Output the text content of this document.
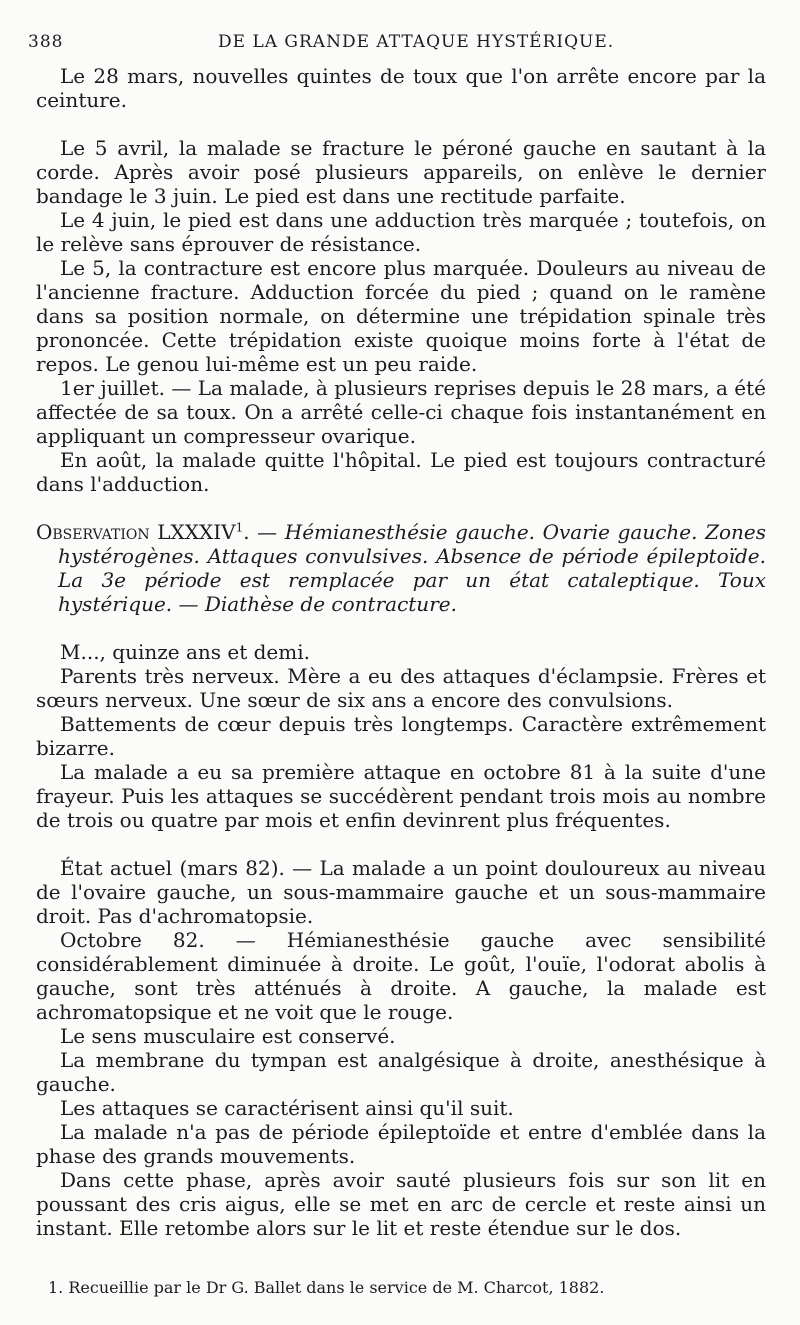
388	DE LA GRANDE ATTAQUE HYSTÉRIQUE.

Le 28 mars, nouvelles quintes de toux que l'on arrête encore par la ceinture.

Le 5 avril, la malade se fracture le péroné gauche en sautant à la corde. Après avoir posé plusieurs appareils, on enlève le dernier bandage le 3 juin. Le pied est dans une rectitude parfaite.

Le 4 juin, le pied est dans une adduction très marquée ; toutefois, on le relève sans éprouver de résistance.

Le 5, la contracture est encore plus marquée. Douleurs au niveau de l'ancienne fracture. Adduction forcée du pied ; quand on le ramène dans sa position normale, on détermine une trépidation spinale très prononcée. Cette trépidation existe quoique moins forte à l'état de repos. Le genou lui-même est un peu raide.

1er juillet. — La malade, à plusieurs reprises depuis le 28 mars, a été affectée de sa toux. On a arrêté celle-ci chaque fois instantanément en appliquant un compresseur ovarique.

En août, la malade quitte l'hôpital. Le pied est toujours contracturé dans l'adduction.

Observation LXXXIV$^1$. — Hémianesthésie gauche. Ovarie gauche. Zones hystérogènes. Attaques convulsives. Absence de période épileptoïde. La 3e période est remplacée par un état cataleptique. Toux hystérique. — Diathèse de contracture.

M..., quinze ans et demi.

Parents très nerveux. Mère a eu des attaques d'éclampsie. Frères et sœurs nerveux. Une sœur de six ans a encore des convulsions.

Battements de cœur depuis très longtemps. Caractère extrêmement bizarre.

La malade a eu sa première attaque en octobre 81 à la suite d'une frayeur. Puis les attaques se succédèrent pendant trois mois au nombre de trois ou quatre par mois et enfin devinrent plus fréquentes.

État actuel (mars 82). — La malade a un point douloureux au niveau de l'ovaire gauche, un sous-mammaire gauche et un sous-mammaire droit. Pas d'achromatopsie.

Octobre 82. — Hémianesthésie gauche avec sensibilité considérablement diminuée à droite. Le goût, l'ouïe, l'odorat abolis à gauche, sont très atténués à droite. A gauche, la malade est achromatopsique et ne voit que le rouge.

Le sens musculaire est conservé.

La membrane du tympan est analgésique à droite, anesthésique à gauche.

Les attaques se caractérisent ainsi qu'il suit.

La malade n'a pas de période épileptoïde et entre d'emblée dans la phase des grands mouvements.

Dans cette phase, après avoir sauté plusieurs fois sur son lit en poussant des cris aigus, elle se met en arc de cercle et reste ainsi un instant. Elle retombe alors sur le lit et reste étendue sur le dos.

1. Recueillie par le Dr G. Ballet dans le service de M. Charcot, 1882.
